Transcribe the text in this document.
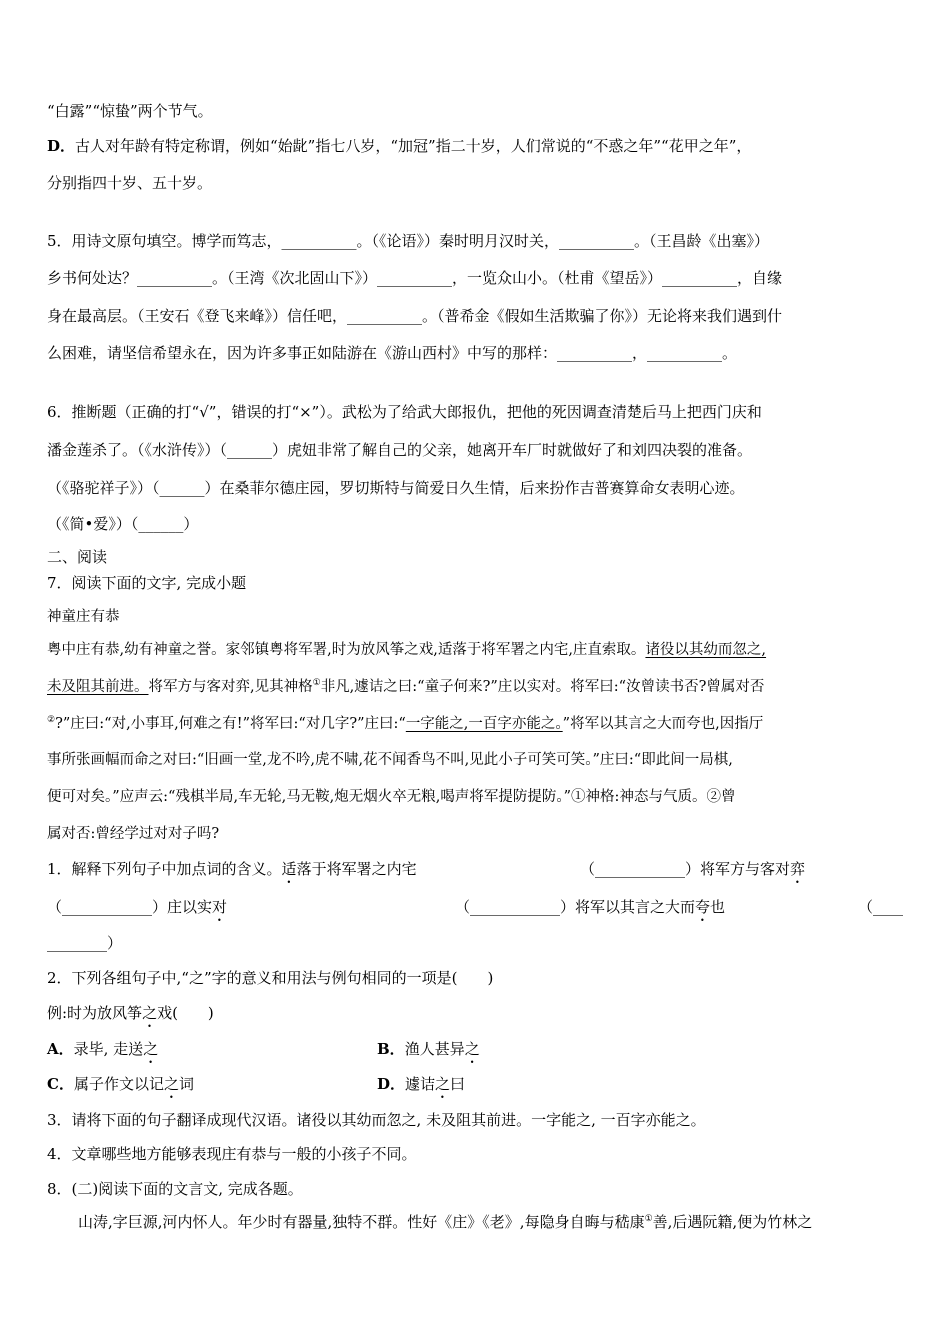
“白露”“惊蛰”两个节气。
D．古人对年龄有特定称谓，例如“始龀”指七八岁，“加冠”指二十岁，人们常说的“不惑之年”“花甲之年”，
分别指四十岁、五十岁。
5．用诗文原句填空。博学而笃志，__________。（《论语》）秦时明月汉时关，__________。（王昌龄《出塞》）
乡书何处达？__________。（王湾《次北固山下》）__________，一览众山小。（杜甫《望岳》）__________，自缘
身在最高层。（王安石《登飞来峰》）信任吧，__________。（普希金《假如生活欺骗了你》）无论将来我们遇到什
么困难，请坚信希望永在，因为许多事正如陆游在《游山西村》中写的那样：__________，__________。
6．推断题（正确的打“√”，错误的打“×”）。武松为了给武大郎报仇，把他的死因调查清楚后马上把西门庆和
潘金莲杀了。（《水浒传》）（______）虎妞非常了解自己的父亲，她离开车厂时就做好了和刘四决裂的准备。
（《骆驼祥子》）（______）在桑菲尔德庄园，罗切斯特与简爱日久生情，后来扮作吉普赛算命女表明心迹。
（《简•爱》）（______）
二、阅读
7．阅读下面的文字, 完成小题
神童庄有恭
粤中庄有恭,幼有神童之誉。家邻镇粤将军署,时为放风筝之戏,适落于将军署之内宅,庄直索取。诸役以其幼而忽之,
未及阻其前进。将军方与客对弈,见其神格①非凡,遽诘之曰:“童子何来?”庄以实对。将军曰:“汝曾读书否?曾属对否
②?”庄曰:“对,小事耳,何难之有!”将军曰:“对几字?”庄曰:“一字能之,一百字亦能之。”将军以其言之大而夸也,因指厅
事所张画幅而命之对曰:“旧画一堂,龙不吟,虎不啸,花不闻香鸟不叫,见此小子可笑可笑。”庄曰:“即此间一局棋,
便可对矣。”应声云:“残棋半局,车无轮,马无鞍,炮无烟火卒无粮,喝声将军提防提防。”①神格:神态与气质。②曾
属对否:曾经学过对对子吗?
1．解释下列句子中加点词的含义。适落于将军署之内宅	（____________）将军方与客对弈
（____________）庄以实对	（____________）将军以其言之大而夸也	（____
________）
2．下列各组句子中,“之”字的意义和用法与例句相同的一项是(　　)
例:时为放风筝之戏(　　)
A．录毕, 走送之	B．渔人甚异之
C．属子作文以记之词	D．遽诘之曰
3．请将下面的句子翻译成现代汉语。诸役以其幼而忽之, 未及阻其前进。一字能之, 一百字亦能之。
4．文章哪些地方能够表现庄有恭与一般的小孩子不同。
8．(二)阅读下面的文言文, 完成各题。
山涛,字巨源,河内怀人。年少时有器量,独特不群。性好《庄》《老》,每隐身自晦与嵇康①善,后遇阮籍,便为竹林之
